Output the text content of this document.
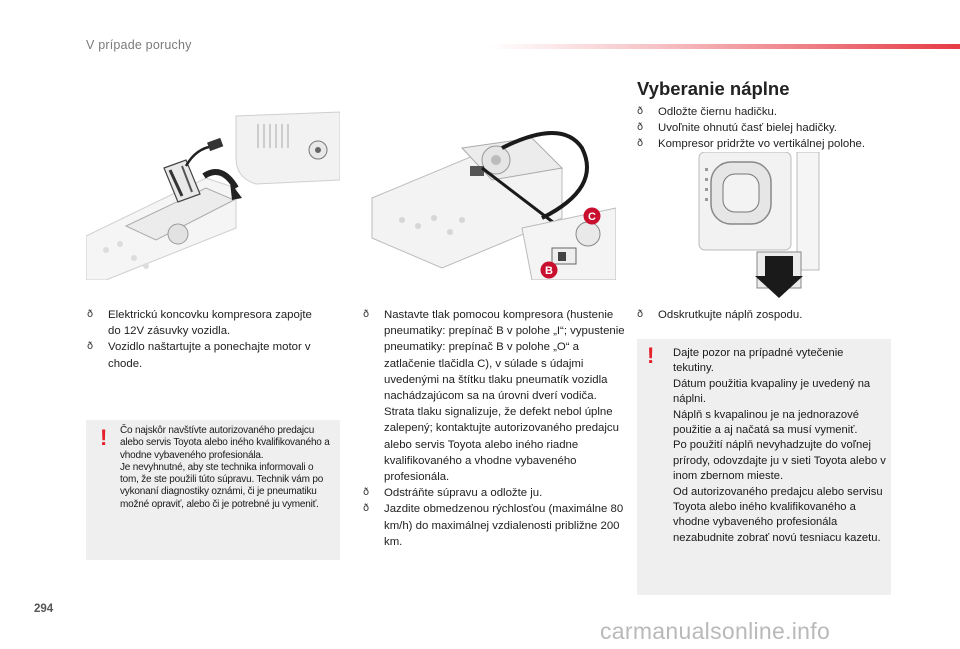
V prípade poruchy
C
B
Vyberanie náplne
ð Odložte čiernu hadičku.
ð Uvoľnite ohnutú časť bielej hadičky.
ð Kompresor pridržte vo vertikálnej polohe.
ð Odskrutkujte náplň zospodu.
! Dajte pozor na prípadné vytečenie tekutiny.
Dátum použitia kvapaliny je uvedený na náplni.
Náplň s kvapalinou je na jednorazové použitie a aj načatá sa musí vymeniť.
Po použití náplň nevyhadzujte do voľnej prírody, odovzdajte ju v sieti Toyota alebo v inom zbernom mieste.
Od autorizovaného predajcu alebo servisu Toyota alebo iného kvalifikovaného a vhodne vybaveného profesionála nezabudnite zobrať novú tesniacu kazetu.
ð Elektrickú koncovku kompresora zapojte do 12V zásuvky vozidla.
ð Vozidlo naštartujte a ponechajte motor v chode.
! Čo najskôr navštívte autorizovaného predajcu alebo servis Toyota alebo iného kvalifikovaného a vhodne vybaveného profesionála.
Je nevyhnutné, aby ste technika informovali o tom, že ste použili túto súpravu. Technik vám po vykonaní diagnostiky oznámi, či je pneumatiku možné opraviť, alebo či je potrebné ju vymeniť.
ð Nastavte tlak pomocou kompresora (hustenie pneumatiky: prepínač B v polohe „I“; vypustenie pneumatiky: prepínač B v polohe „O“ a zatlačenie tlačidla C), v súlade s údajmi uvedenými na štítku tlaku pneumatík vozidla nachádzajúcom sa na úrovni dverí vodiča. Strata tlaku signalizuje, že defekt nebol úplne zalepený; kontaktujte autorizovaného predajcu alebo servis Toyota alebo iného riadne kvalifikovaného a vhodne vybaveného profesionála.
ð Odstráňte súpravu a odložte ju.
ð Jazdite obmedzenou rýchlosťou (maximálne 80 km/h) do maximálnej vzdialenosti približne 200 km.
294
carmanualsonline.info
